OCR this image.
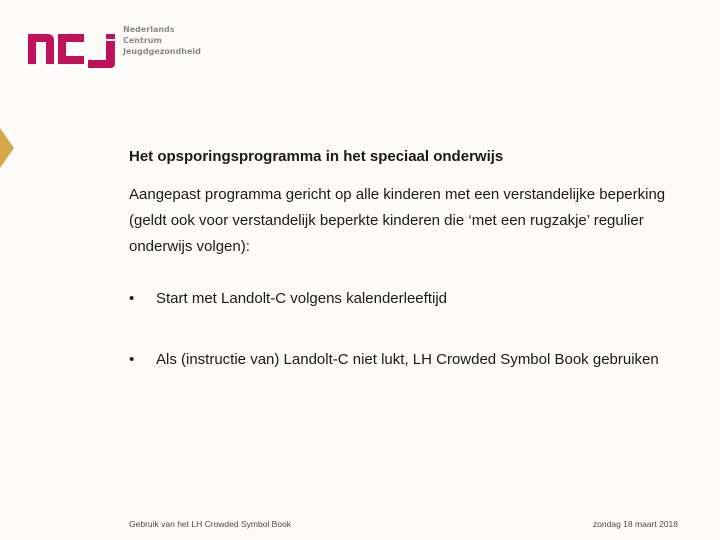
Nederlands
Centrum
Jeugdgezondheid
Het opsporingsprogramma in het speciaal onderwijs

Aangepast programma gericht op alle kinderen met een verstandelijke beperking (geldt ook voor verstandelijk beperkte kinderen die ‘met een rugzakje’ regulier onderwijs volgen):

• Start met Landolt-C volgens kalenderleeftijd
• Als (instructie van) Landolt-C niet lukt, LH Crowded Symbol Book gebruiken
Gebruik van het LH Crowded Symbol Book	zondag 18 maart 2018
